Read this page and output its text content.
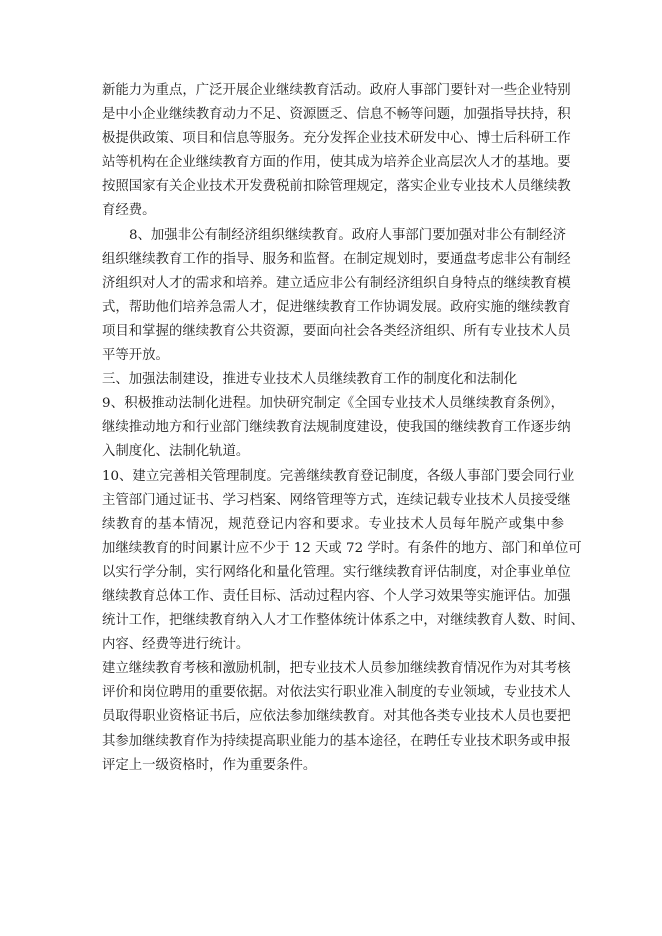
新能力为重点，广泛开展企业继续教育活动。政府人事部门要针对一些企业特别
是中小企业继续教育动力不足、资源匮乏、信息不畅等问题，加强指导扶持，积
极提供政策、项目和信息等服务。充分发挥企业技术研发中心、博士后科研工作
站等机构在企业继续教育方面的作用，使其成为培养企业高层次人才的基地。要
按照国家有关企业技术开发费税前扣除管理规定，落实企业专业技术人员继续教
育经费。
8、加强非公有制经济组织继续教育。政府人事部门要加强对非公有制经济
组织继续教育工作的指导、服务和监督。在制定规划时，要通盘考虑非公有制经
济组织对人才的需求和培养。建立适应非公有制经济组织自身特点的继续教育模
式，帮助他们培养急需人才，促进继续教育工作协调发展。政府实施的继续教育
项目和掌握的继续教育公共资源，要面向社会各类经济组织、所有专业技术人员
平等开放。
三、加强法制建设，推进专业技术人员继续教育工作的制度化和法制化
9、积极推动法制化进程。加快研究制定《全国专业技术人员继续教育条例》，
继续推动地方和行业部门继续教育法规制度建设，使我国的继续教育工作逐步纳
入制度化、法制化轨道。
10、建立完善相关管理制度。完善继续教育登记制度，各级人事部门要会同行业
主管部门通过证书、学习档案、网络管理等方式，连续记载专业技术人员接受继
续教育的基本情况，规范登记内容和要求。专业技术人员每年脱产或集中参
加继续教育的时间累计应不少于 12 天或 72 学时。有条件的地方、部门和单位可
以实行学分制，实行网络化和量化管理。实行继续教育评估制度，对企事业单位
继续教育总体工作、责任目标、活动过程内容、个人学习效果等实施评估。加强
统计工作，把继续教育纳入人才工作整体统计体系之中，对继续教育人数、时间、
内容、经费等进行统计。
建立继续教育考核和激励机制，把专业技术人员参加继续教育情况作为对其考核
评价和岗位聘用的重要依据。对依法实行职业准入制度的专业领域，专业技术人
员取得职业资格证书后，应依法参加继续教育。对其他各类专业技术人员也要把
其参加继续教育作为持续提高职业能力的基本途径，在聘任专业技术职务或申报
评定上一级资格时，作为重要条件。
